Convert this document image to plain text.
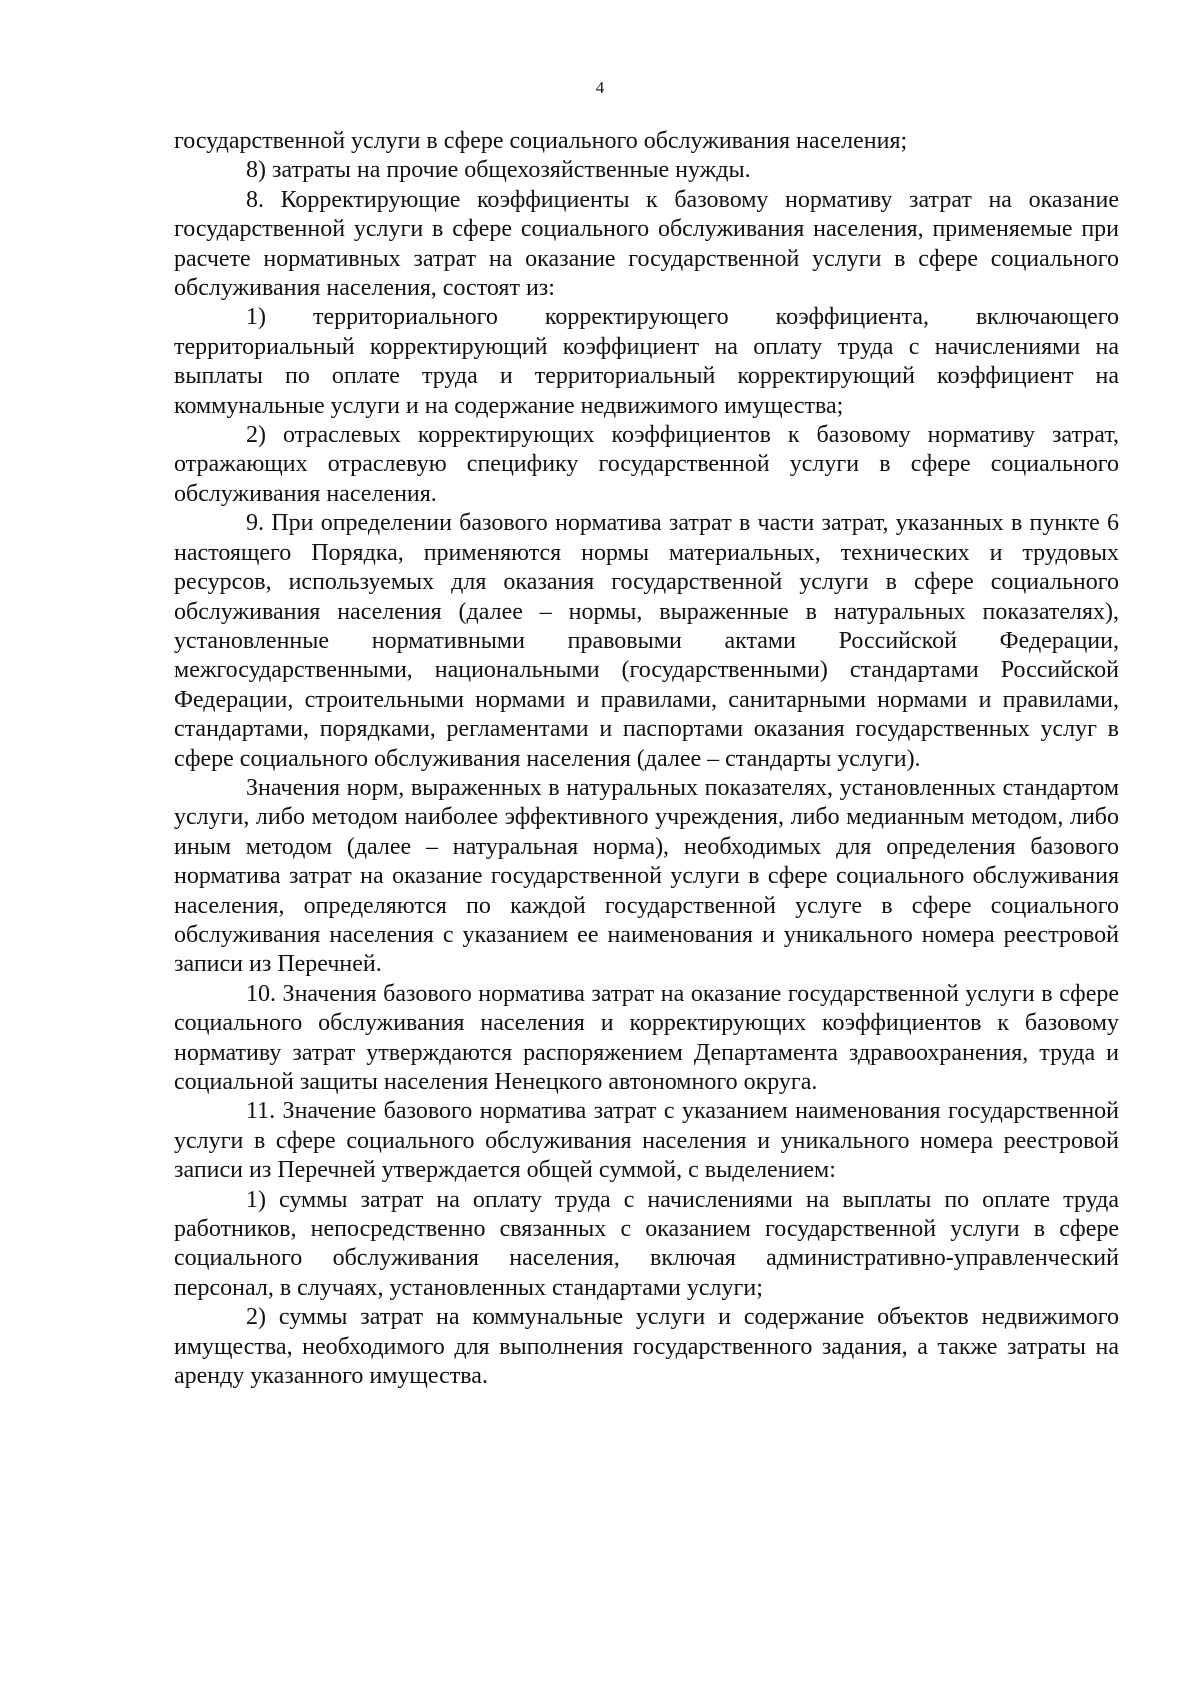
4

государственной услуги в сфере социального обслуживания населения;

8) затраты на прочие общехозяйственные нужды.

8. Корректирующие коэффициенты к базовому нормативу затрат на оказание государственной услуги в сфере социального обслуживания населения, применяемые при расчете нормативных затрат на оказание государственной услуги в сфере социального обслуживания населения, состоят из:

1) территориального корректирующего коэффициента, включающего территориальный корректирующий коэффициент на оплату труда с начислениями на выплаты по оплате труда и территориальный корректирующий коэффициент на коммунальные услуги и на содержание недвижимого имущества;

2) отраслевых корректирующих коэффициентов к базовому нормативу затрат, отражающих отраслевую специфику государственной услуги в сфере социального обслуживания населения.

9. При определении базового норматива затрат в части затрат, указанных в пункте 6 настоящего Порядка, применяются нормы материальных, технических и трудовых ресурсов, используемых для оказания государственной услуги в сфере социального обслуживания населения (далее – нормы, выраженные в натуральных показателях), установленные нормативными правовыми актами Российской Федерации, межгосударственными, национальными (государственными) стандартами Российской Федерации, строительными нормами и правилами, санитарными нормами и правилами, стандартами, порядками, регламентами и паспортами оказания государственных услуг в сфере социального обслуживания населения (далее – стандарты услуги).

Значения норм, выраженных в натуральных показателях, установленных стандартом услуги, либо методом наиболее эффективного учреждения, либо медианным методом, либо иным методом (далее – натуральная норма), необходимых для определения базового норматива затрат на оказание государственной услуги в сфере социального обслуживания населения, определяются по каждой государственной услуге в сфере социального обслуживания населения с указанием ее наименования и уникального номера реестровой записи из Перечней.

10. Значения базового норматива затрат на оказание государственной услуги в сфере социального обслуживания населения и корректирующих коэффициентов к базовому нормативу затрат утверждаются распоряжением Департамента здравоохранения, труда и социальной защиты населения Ненецкого автономного округа.

11. Значение базового норматива затрат с указанием наименования государственной услуги в сфере социального обслуживания населения и уникального номера реестровой записи из Перечней утверждается общей суммой, с выделением:

1) суммы затрат на оплату труда с начислениями на выплаты по оплате труда работников, непосредственно связанных с оказанием государственной услуги в сфере социального обслуживания населения, включая административно-управленческий персонал, в случаях, установленных стандартами услуги;

2) суммы затрат на коммунальные услуги и содержание объектов недвижимого имущества, необходимого для выполнения государственного задания, а также затраты на аренду указанного имущества.
